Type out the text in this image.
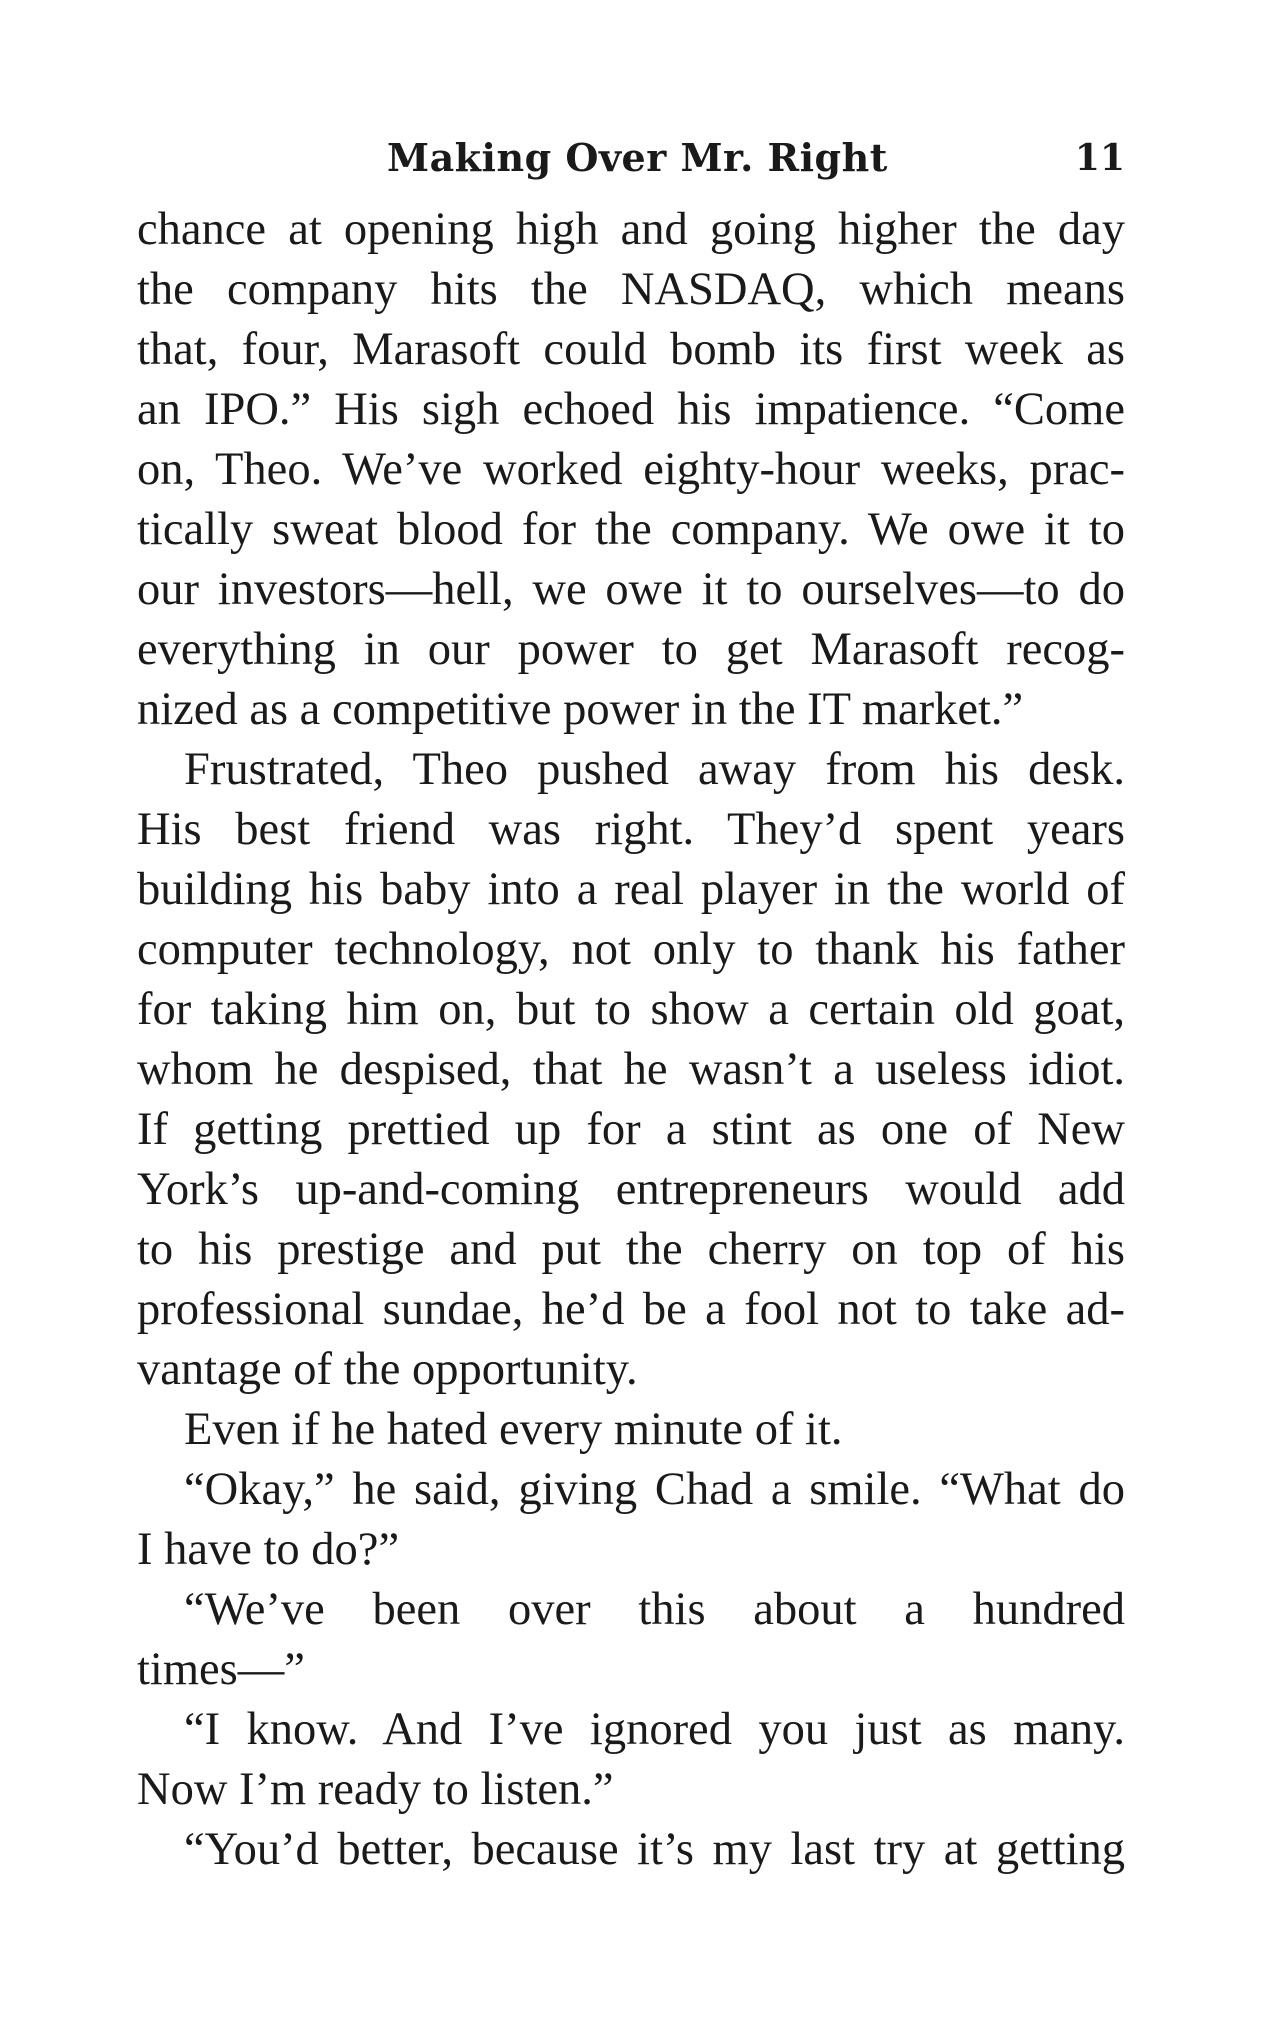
Making Over Mr. Right	11
chance at opening high and going higher the day
the company hits the NASDAQ, which means
that, four, Marasoft could bomb its first week as
an IPO.” His sigh echoed his impatience. “Come
on, Theo. We’ve worked eighty-hour weeks, prac-
tically sweat blood for the company. We owe it to
our investors—hell, we owe it to ourselves—to do
everything in our power to get Marasoft recog-
nized as a competitive power in the IT market.”
Frustrated, Theo pushed away from his desk.
His best friend was right. They’d spent years
building his baby into a real player in the world of
computer technology, not only to thank his father
for taking him on, but to show a certain old goat,
whom he despised, that he wasn’t a useless idiot.
If getting prettied up for a stint as one of New
York’s up-and-coming entrepreneurs would add
to his prestige and put the cherry on top of his
professional sundae, he’d be a fool not to take ad-
vantage of the opportunity.
Even if he hated every minute of it.
“Okay,” he said, giving Chad a smile. “What do
I have to do?”
“We’ve been over this about a hundred
times—”
“I know. And I’ve ignored you just as many.
Now I’m ready to listen.”
“You’d better, because it’s my last try at getting
